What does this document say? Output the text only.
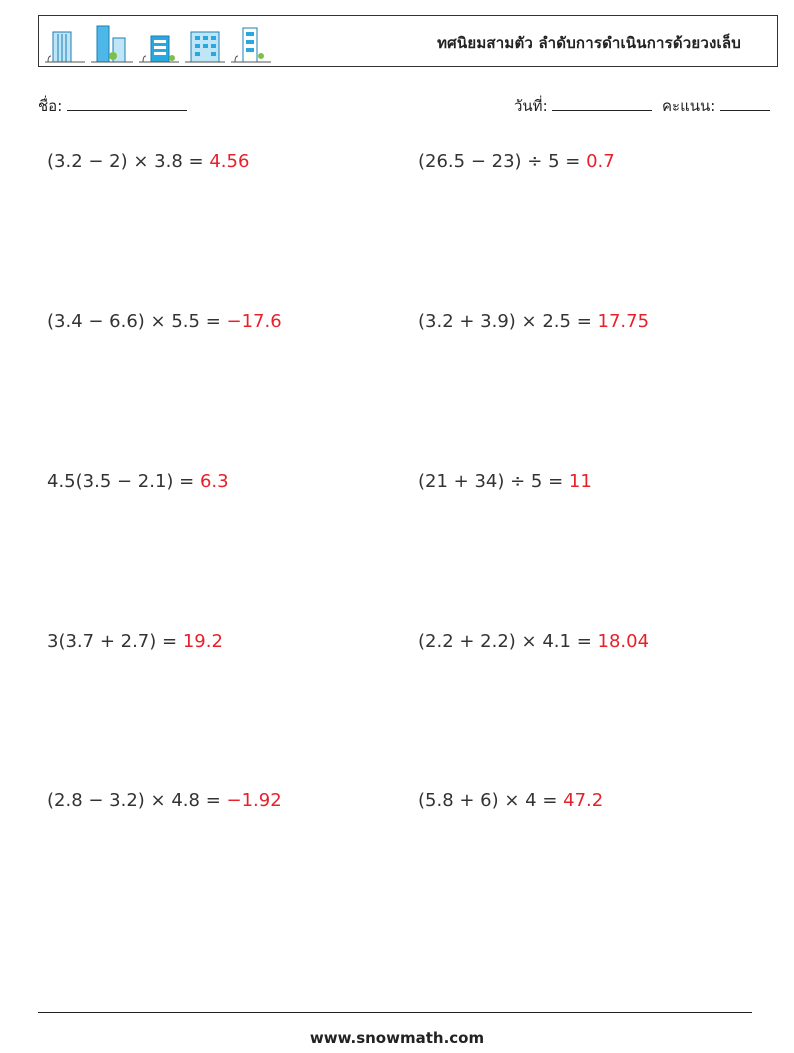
ทศนิยมสามตัว ลำดับการดำเนินการด้วยวงเล็บ
ชื่อ:	วันที่:	คะแนน:
(3.2 − 2) × 3.8 = 4.56	(26.5 − 23) ÷ 5 = 0.7
(3.4 − 6.6) × 5.5 = −17.6	(3.2 + 3.9) × 2.5 = 17.75
4.5(3.5 − 2.1) = 6.3	(21 + 34) ÷ 5 = 11
3(3.7 + 2.7) = 19.2	(2.2 + 2.2) × 4.1 = 18.04
(2.8 − 3.2) × 4.8 = −1.92	(5.8 + 6) × 4 = 47.2
www.snowmath.com
